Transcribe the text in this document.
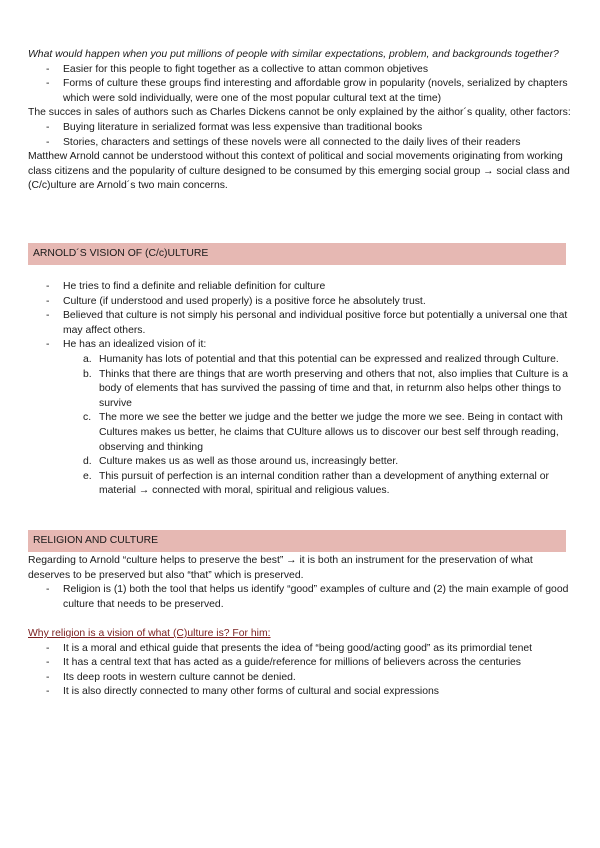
What would happen when you put millions of people with similar expectations, problem, and backgrounds together?

- Easier for this people to fight together as a collective to attan common objetives
- Forms of culture these groups find interesting and affordable grow in popularity (novels, serialized by chapters which were sold individually, were one of the most popular cultural text at the time)

The succes in sales of authors such as Charles Dickens cannot be only explained by the aithor´s quality, other factors:

- Buying literature in serialized format was less expensive than traditional books
- Stories, characters and settings of these novels were all connected to the daily lives of their readers

Matthew Arnold cannot be understood without this context of political and social movements originating from working class citizens and the popularity of culture designed to be consumed by this emerging social group → social class and (C/c)ulture are Arnold´s two main concerns.

ARNOLD´S VISION OF (C/c)ULTURE
- He tries to find a definite and reliable definition for culture
- Culture (if understood and used properly) is a positive force he absolutely trust.
- Believed that culture is not simply his personal and individual positive force but potentially a universal one that may affect others.
- He has an idealized vision of it:
a. Humanity has lots of potential and that this potential can be expressed and realized through Culture.
b. Thinks that there are things that are worth preserving and others that not, also implies that Culture is a body of elements that has survived the passing of time and that, in returnm also helps other things to survive
c. The more we see the better we judge and the better we judge the more we see. Being in contact with Cultures makes us better, he claims that CUlture allows us to discover our best self through reading, observing and thinking
d. Culture makes us as well as those around us, increasingly better.
e. This pursuit of perfection is an internal condition rather than a development of anything external or material → connected with moral, spiritual and religious values.
RELIGION AND CULTURE

Regarding to Arnold “culture helps to preserve the best” → it is both an instrument for the preservation of what deserves to be preserved but also “that” which is preserved.

- Religion is (1) both the tool that helps us identify “good” examples of culture and (2) the main example of good culture that needs to be preserved.

Why religion is a vision of what (C)ulture is? For him:

- It is a moral and ethical guide that presents the idea of “being good/acting good” as its primordial tenet
- It has a central text that has acted as a guide/reference for millions of believers across the centuries
- Its deep roots in western culture cannot be denied.
- It is also directly connected to many other forms of cultural and social expressions
